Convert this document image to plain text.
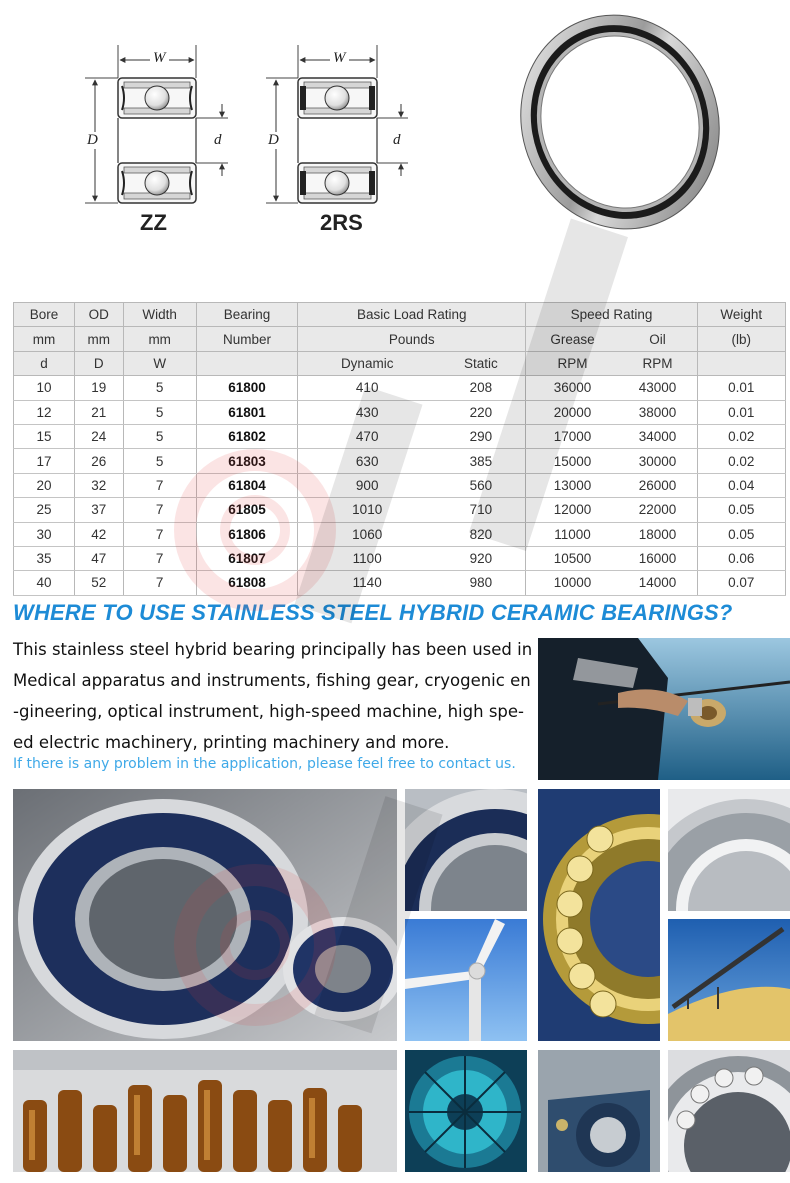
W
D	d
ZZ
W
D	d
2RS
Bore	OD	Width	Bearing	Basic Load Rating		Speed Rating		Weight
mm	mm	mm	Number	Pounds		Grease	Oil	(lb)
d	D	W		Dynamic	Static	RPM	RPM	
10	19	5	61800	410	208	36000	43000	0.01
12	21	5	61801	430	220	20000	38000	0.01
15	24	5	61802	470	290	17000	34000	0.02
17	26	5	61803	630	385	15000	30000	0.02
20	32	7	61804	900	560	13000	26000	0.04
25	37	7	61805	1010	710	12000	22000	0.05
30	42	7	61806	1060	820	11000	18000	0.05
35	47	7	61807	1100	920	10500	16000	0.06
40	52	7	61808	1140	980	10000	14000	0.07
WHERE TO USE STAINLESS STEEL HYBRID CERAMIC BEARINGS?

This stainless steel hybrid bearing principally has been used in

Medical apparatus and instruments, fishing gear, cryogenic en

-gineering, optical instrument, high-speed machine, high spe-

ed electric machinery, printing machinery and more.

If there is any problem in the application, please feel free to contact us.
